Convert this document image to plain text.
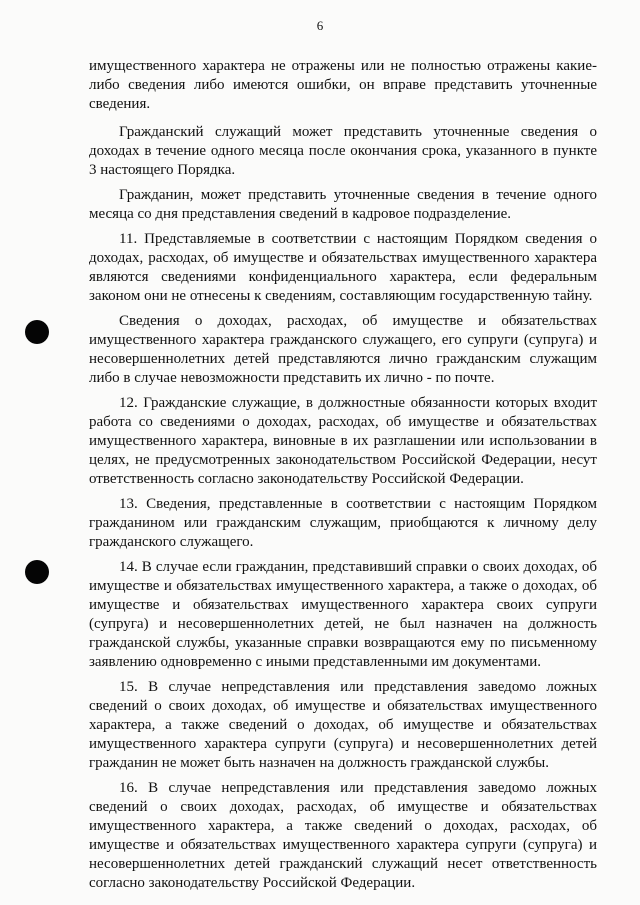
6

имущественного характера не отражены или не полностью отражены какие-либо сведения либо имеются ошибки, он вправе представить уточненные сведения.

Гражданский служащий может представить уточненные сведения о доходах в течение одного месяца после окончания срока, указанного в пункте 3 настоящего Порядка.

Гражданин, может представить уточненные сведения в течение одного месяца со дня представления сведений в кадровое подразделение.

11. Представляемые в соответствии с настоящим Порядком сведения о доходах, расходах, об имуществе и обязательствах имущественного характера являются сведениями конфиденциального характера, если федеральным законом они не отнесены к сведениям, составляющим государственную тайну.

Сведения о доходах, расходах, об имуществе и обязательствах имущественного характера гражданского служащего, его супруги (супруга) и несовершеннолетних детей представляются лично гражданским служащим либо в случае невозможности представить их лично - по почте.

12. Гражданские служащие, в должностные обязанности которых входит работа со сведениями о доходах, расходах, об имуществе и обязательствах имущественного характера, виновные в их разглашении или использовании в целях, не предусмотренных законодательством Российской Федерации, несут ответственность согласно законодательству Российской Федерации.

13. Сведения, представленные в соответствии с настоящим Порядком гражданином или гражданским служащим, приобщаются к личному делу гражданского служащего.

14. В случае если гражданин, представивший справки о своих доходах, об имуществе и обязательствах имущественного характера, а также о доходах, об имуществе и обязательствах имущественного характера своих супруги (супруга) и несовершеннолетних детей, не был назначен на должность гражданской службы, указанные справки возвращаются ему по письменному заявлению одновременно с иными представленными им документами.

15. В случае непредставления или представления заведомо ложных сведений о своих доходах, об имуществе и обязательствах имущественного характера, а также сведений о доходах, об имуществе и обязательствах имущественного характера супруги (супруга) и несовершеннолетних детей гражданин не может быть назначен на должность гражданской службы.

16. В случае непредставления или представления заведомо ложных сведений о своих доходах, расходах, об имуществе и обязательствах имущественного характера, а также сведений о доходах, расходах, об имуществе и обязательствах имущественного характера супруги (супруга) и несовершеннолетних детей гражданский служащий несет ответственность согласно законодательству Российской Федерации.
